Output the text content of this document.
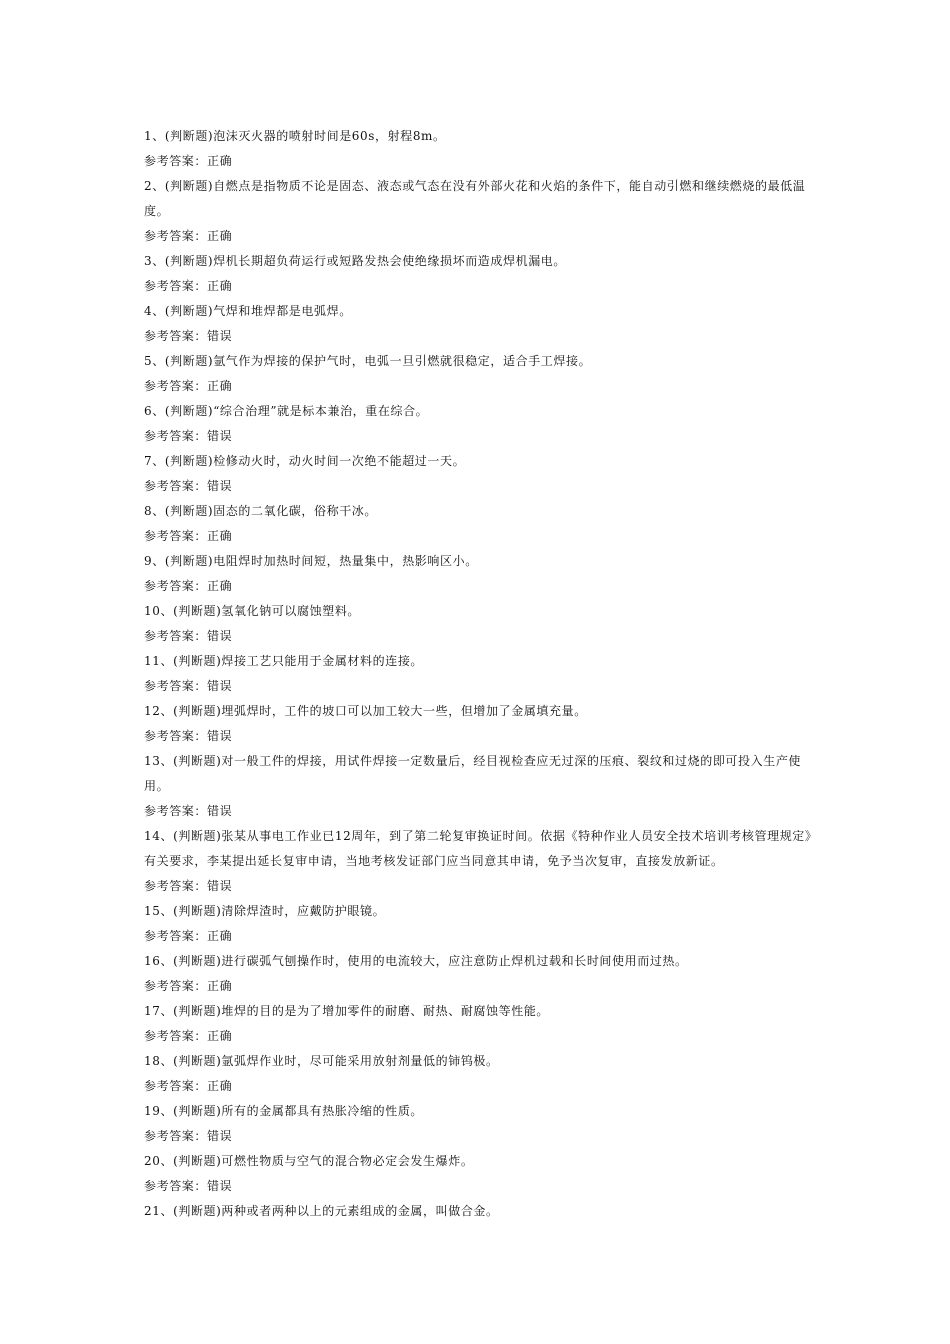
1、(判断题)泡沫灭火器的喷射时间是60s，射程8m。

参考答案：正确

2、(判断题)自燃点是指物质不论是固态、液态或气态在没有外部火花和火焰的条件下，能自动引燃和继续燃烧的最低温度。

参考答案：正确

3、(判断题)焊机长期超负荷运行或短路发热会使绝缘损坏而造成焊机漏电。

参考答案：正确

4、(判断题)气焊和堆焊都是电弧焊。

参考答案：错误

5、(判断题)氩气作为焊接的保护气时，电弧一旦引燃就很稳定，适合手工焊接。

参考答案：正确

6、(判断题)“综合治理”就是标本兼治，重在综合。

参考答案：错误

7、(判断题)检修动火时，动火时间一次绝不能超过一天。

参考答案：错误

8、(判断题)固态的二氧化碳，俗称干冰。

参考答案：正确

9、(判断题)电阻焊时加热时间短，热量集中，热影响区小。

参考答案：正确

10、(判断题)氢氧化钠可以腐蚀塑料。

参考答案：错误

11、(判断题)焊接工艺只能用于金属材料的连接。

参考答案：错误

12、(判断题)埋弧焊时，工件的坡口可以加工较大一些，但增加了金属填充量。

参考答案：错误

13、(判断题)对一般工件的焊接，用试件焊接一定数量后，经目视检查应无过深的压痕、裂纹和过烧的即可投入生产使用。

参考答案：错误

14、(判断题)张某从事电工作业已12周年，到了第二轮复审换证时间。依据《特种作业人员安全技术培训考核管理规定》有关要求，李某提出延长复审申请，当地考核发证部门应当同意其申请，免予当次复审，直接发放新证。

参考答案：错误

15、(判断题)清除焊渣时，应戴防护眼镜。

参考答案：正确

16、(判断题)进行碳弧气刨操作时，使用的电流较大，应注意防止焊机过载和长时间使用而过热。

参考答案：正确

17、(判断题)堆焊的目的是为了增加零件的耐磨、耐热、耐腐蚀等性能。

参考答案：正确

18、(判断题)氩弧焊作业时，尽可能采用放射剂量低的铈钨极。

参考答案：正确

19、(判断题)所有的金属都具有热胀冷缩的性质。

参考答案：错误

20、(判断题)可燃性物质与空气的混合物必定会发生爆炸。

参考答案：错误

21、(判断题)两种或者两种以上的元素组成的金属，叫做合金。
